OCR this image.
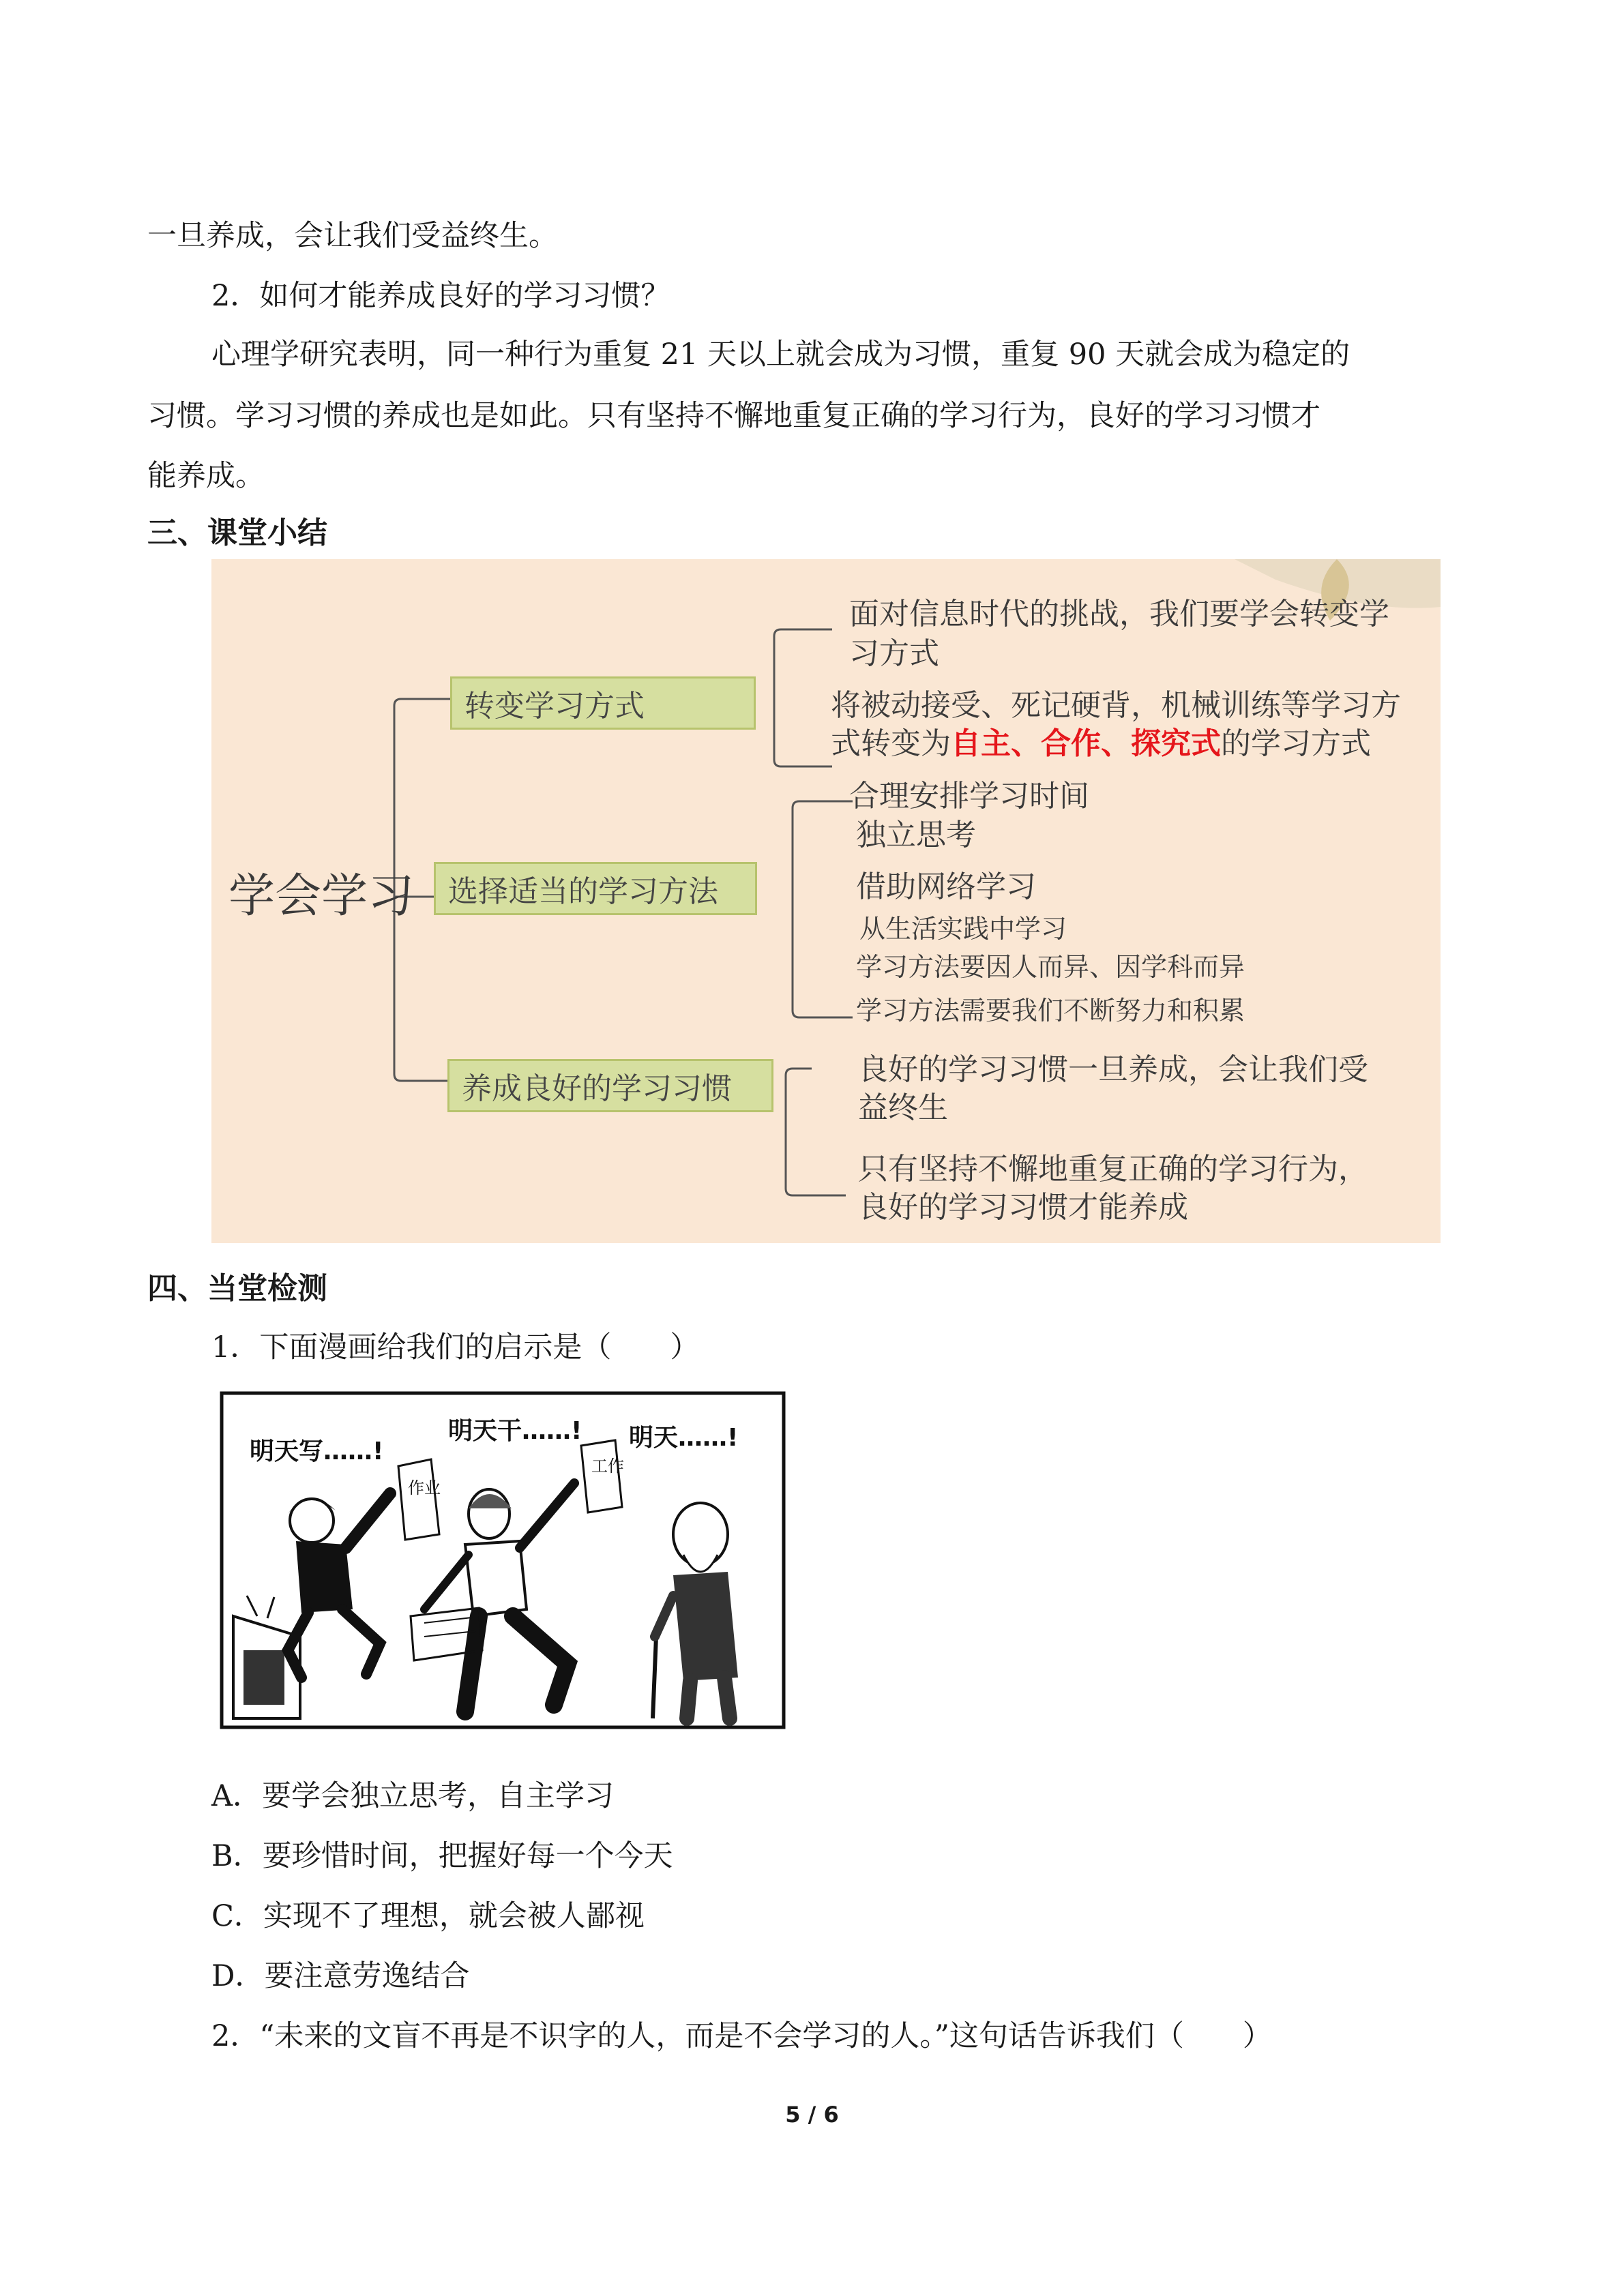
一旦养成，会让我们受益终生。

2．如何才能养成良好的学习习惯？

心理学研究表明，同一种行为重复 21 天以上就会成为习惯，重复 90 天就会成为稳定的

习惯。学习习惯的养成也是如此。只有坚持不懈地重复正确的学习行为，良好的学习习惯才

能养成。

三、课堂小结
学会学习
转变学习方式
选择适当的学习方法
养成良好的学习习惯
面对信息时代的挑战，我们要学会转变学
习方式
将被动接受、死记硬背，机械训练等学习方
式转变为自主、合作、探究式的学习方式
合理安排学习时间
独立思考
借助网络学习
从生活实践中学习
学习方法要因人而异、因学科而异
学习方法需要我们不断努力和积累
良好的学习习惯一旦养成，会让我们受
益终生
只有坚持不懈地重复正确的学习行为，
良好的学习习惯才能养成
四、当堂检测

1．下面漫画给我们的启示是（　　）

作业
工作
明天写……!
明天干……! 明天……!

A．要学会独立思考，自主学习

B．要珍惜时间，把握好每一个今天

C．实现不了理想，就会被人鄙视

D．要注意劳逸结合

2．“未来的文盲不再是不识字的人，而是不会学习的人。”这句话告诉我们（　　）

5 / 6
